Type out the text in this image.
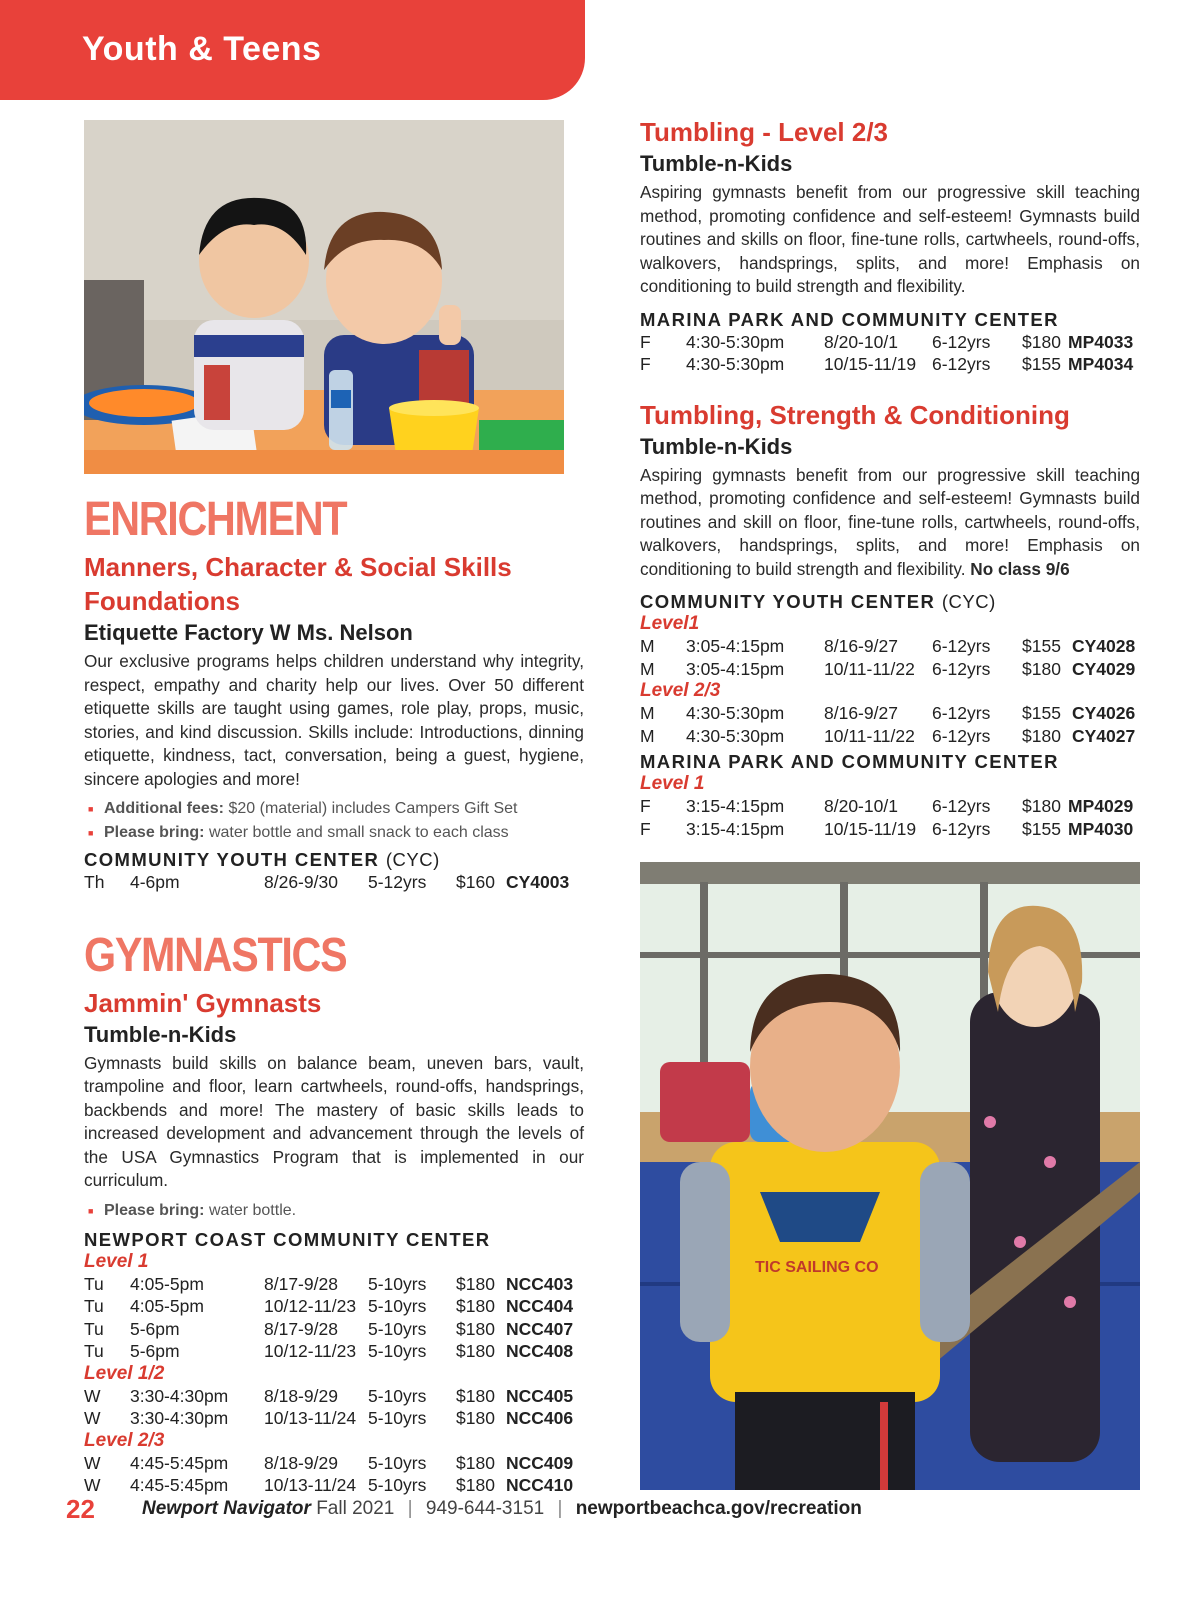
Youth & Teens
ENRICHMENT
Manners, Character & Social Skills Foundations
Etiquette Factory W Ms. Nelson

Our exclusive programs helps children understand why integrity, respect, empathy and charity help our lives. Over 50 different etiquette skills are taught using games, role play, props, music, stories, and kind discussion. Skills include: Introductions, dinning etiquette, kindness, tact, conversation, being a guest, hygiene, sincere apologies and more!

■ Additional fees: $20 (material) includes Campers Gift Set
■ Please bring: water bottle and small snack to each class
COMMUNITY YOUTH CENTER (CYC)
Th	4-6pm	8/26-9/30	5-12yrs	$160	CY4003
GYMNASTICS
Jammin' Gymnasts
Tumble-n-Kids

Gymnasts build skills on balance beam, uneven bars, vault, trampoline and floor, learn cartwheels, round-offs, handsprings, backbends and more! The mastery of basic skills leads to increased development and advancement through the levels of the USA Gymnastics Program that is implemented in our curriculum.

■ Please bring: water bottle.
NEWPORT COAST COMMUNITY CENTER
Level 1
Tu	4:05-5pm	8/17-9/28	5-10yrs	$180	NCC403
Tu	4:05-5pm	10/12-11/23	5-10yrs	$180	NCC404
Tu	5-6pm	8/17-9/28	5-10yrs	$180	NCC407
Tu	5-6pm	10/12-11/23	5-10yrs	$180	NCC408
Level 1/2
W	3:30-4:30pm	8/18-9/29	5-10yrs	$180	NCC405
W	3:30-4:30pm	10/13-11/24	5-10yrs	$180	NCC406
Level 2/3
W	4:45-5:45pm	8/18-9/29	5-10yrs	$180	NCC409
W	4:45-5:45pm	10/13-11/24	5-10yrs	$180	NCC410
Tumbling - Level 2/3
Tumble-n-Kids

Aspiring gymnasts benefit from our progressive skill teaching method, promoting confidence and self-esteem! Gymnasts build routines and skills on floor, fine-tune rolls, cartwheels, round-offs, walkovers, handsprings, splits, and more! Emphasis on conditioning to build strength and flexibility.

MARINA PARK AND COMMUNITY CENTER
F	4:30-5:30pm	8/20-10/1	6-12yrs	$180	MP4033
F	4:30-5:30pm	10/15-11/19	6-12yrs	$155	MP4034
Tumbling, Strength & Conditioning
Tumble-n-Kids

Aspiring gymnasts benefit from our progressive skill teaching method, promoting confidence and self-esteem! Gymnasts build routines and skill on floor, fine-tune rolls, cartwheels, round-offs, walkovers, handsprings, splits, and more! Emphasis on conditioning to build strength and flexibility. No class 9/6

COMMUNITY YOUTH CENTER (CYC)
Level1
M	3:05-4:15pm	8/16-9/27	6-12yrs	$155	CY4028
M	3:05-4:15pm	10/11-11/22	6-12yrs	$180	CY4029
Level 2/3
M	4:30-5:30pm	8/16-9/27	6-12yrs	$155	CY4026
M	4:30-5:30pm	10/11-11/22	6-12yrs	$180	CY4027
MARINA PARK AND COMMUNITY CENTER
Level 1
F	3:15-4:15pm	8/20-10/1	6-12yrs	$180	MP4029
F	3:15-4:15pm	10/15-11/19	6-12yrs	$155	MP4030
TIC SAILING CO
22 Newport Navigator Fall 2021 | 949-644-3151 | newportbeachca.gov/recreation
